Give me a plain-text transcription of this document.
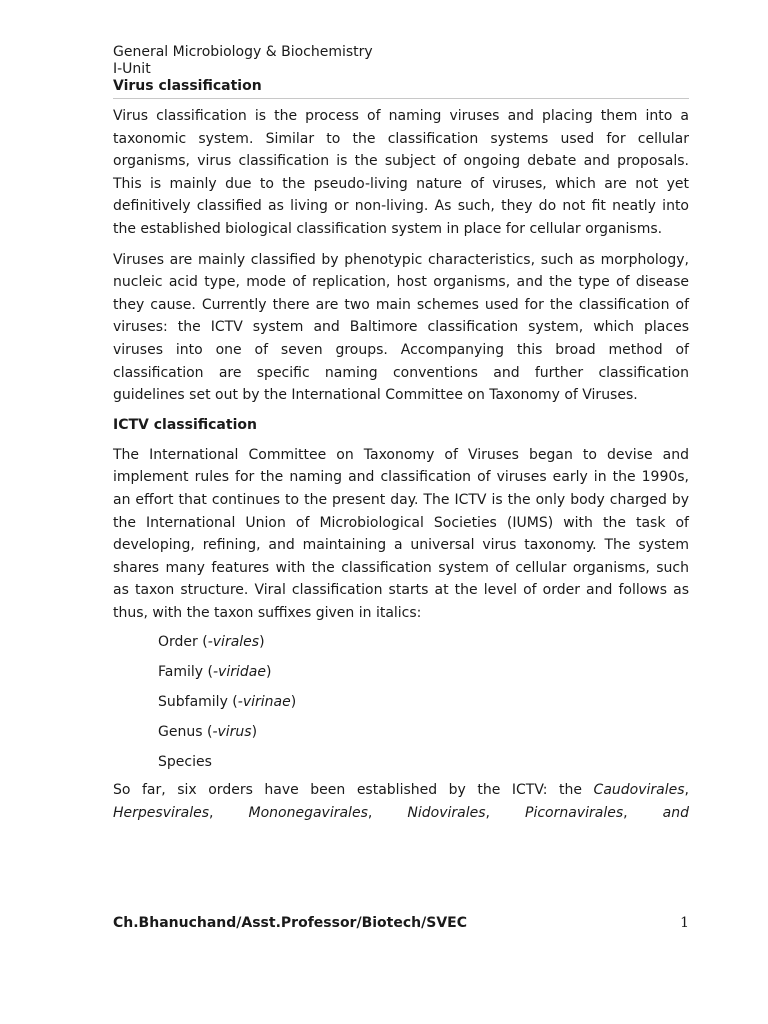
General Microbiology & Biochemistry
I-Unit
Virus classification

Virus classification is the process of naming viruses and placing them into a taxonomic system. Similar to the classification systems used for cellular organisms, virus classification is the subject of ongoing debate and proposals. This is mainly due to the pseudo-living nature of viruses, which are not yet definitively classified as living or non-living. As such, they do not fit neatly into the established biological classification system in place for cellular organisms.

Viruses are mainly classified by phenotypic characteristics, such as morphology, nucleic acid type, mode of replication, host organisms, and the type of disease they cause. Currently there are two main schemes used for the classification of viruses: the ICTV system and Baltimore classification system, which places viruses into one of seven groups. Accompanying this broad method of classification are specific naming conventions and further classification guidelines set out by the International Committee on Taxonomy of Viruses.

ICTV classification

The International Committee on Taxonomy of Viruses began to devise and implement rules for the naming and classification of viruses early in the 1990s, an effort that continues to the present day. The ICTV is the only body charged by the International Union of Microbiological Societies (IUMS) with the task of developing, refining, and maintaining a universal virus taxonomy. The system shares many features with the classification system of cellular organisms, such as taxon structure. Viral classification starts at the level of order and follows as thus, with the taxon suffixes given in italics:

Order (-virales)
Family (-viridae)
Subfamily (-virinae)
Genus (-virus)
Species

So far, six orders have been established by the ICTV: the Caudovirales, Herpesvirales, Mononegavirales, Nidovirales, Picornavirales, and

Ch.Bhanuchand/Asst.Professor/Biotech/SVEC	1
